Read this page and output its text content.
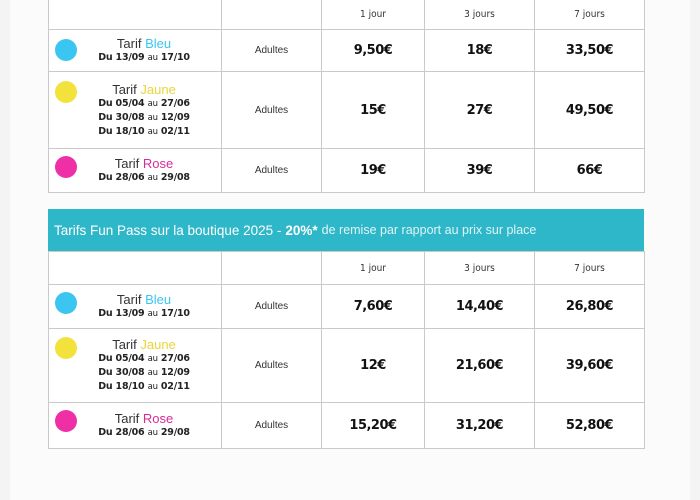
		1 jour	3 jours	7 jours

Tarif Bleu
Du 13/09 au 17/10	Adultes	9,50€	18€	33,50€

Tarif Jaune
Du 05/04 au 27/06
Du 30/08 au 12/09
Du 18/10 au 02/11	Adultes	15€	27€	49,50€

Tarif Rose
Du 28/06 au 29/08	Adultes	19€	39€	66€
Tarifs Fun Pass sur la boutique 2025 - 20%* de remise par rapport au prix sur place
		1 jour	3 jours	7 jours

Tarif Bleu
Du 13/09 au 17/10	Adultes	7,60€	14,40€	26,80€

Tarif Jaune
Du 05/04 au 27/06
Du 30/08 au 12/09
Du 18/10 au 02/11	Adultes	12€	21,60€	39,60€

Tarif Rose
Du 28/06 au 29/08	Adultes	15,20€	31,20€	52,80€
